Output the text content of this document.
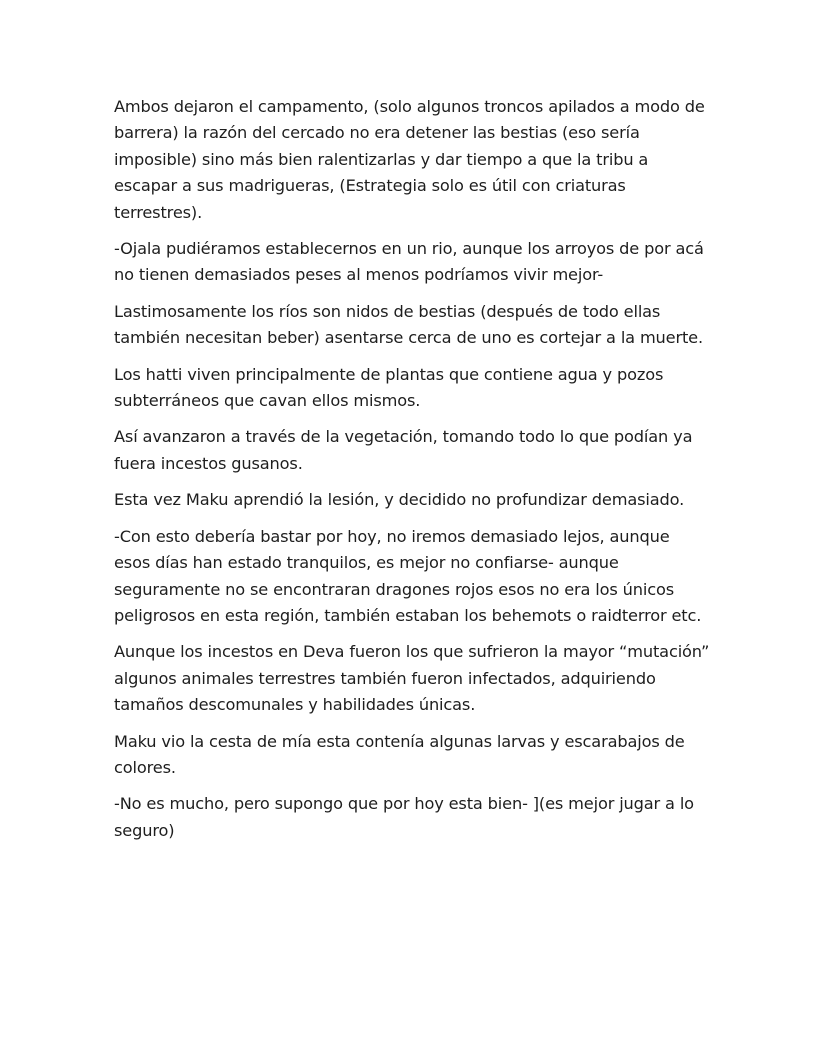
Ambos dejaron el campamento, (solo algunos troncos apilados a modo de barrera) la razón del cercado no era detener las bestias (eso sería imposible) sino más bien ralentizarlas y dar tiempo a que la tribu a escapar a sus madrigueras, (Estrategia solo es útil con criaturas terrestres).

-Ojala pudiéramos establecernos en un rio, aunque los arroyos de por acá no tienen demasiados peses al menos podríamos vivir mejor-

Lastimosamente los ríos son nidos de bestias (después de todo ellas también necesitan beber) asentarse cerca de uno es cortejar a la muerte.

Los hatti viven principalmente de plantas que contiene agua y pozos subterráneos que cavan ellos mismos.

Así avanzaron a través de la vegetación, tomando todo lo que podían ya fuera incestos gusanos.

Esta vez Maku aprendió la lesión, y decidido no profundizar demasiado.

-Con esto debería bastar por hoy, no iremos demasiado lejos, aunque esos días han estado tranquilos, es mejor no confiarse- aunque seguramente no se encontraran dragones rojos esos no era los únicos peligrosos en esta región, también estaban los behemots o raidterror etc.

Aunque los incestos en Deva fueron los que sufrieron la mayor “mutación” algunos animales terrestres también fueron infectados, adquiriendo tamaños descomunales y habilidades únicas.

Maku vio la cesta de mía esta contenía algunas larvas y escarabajos de colores.

-No es mucho, pero supongo que por hoy esta bien- ](es mejor jugar a lo seguro)
